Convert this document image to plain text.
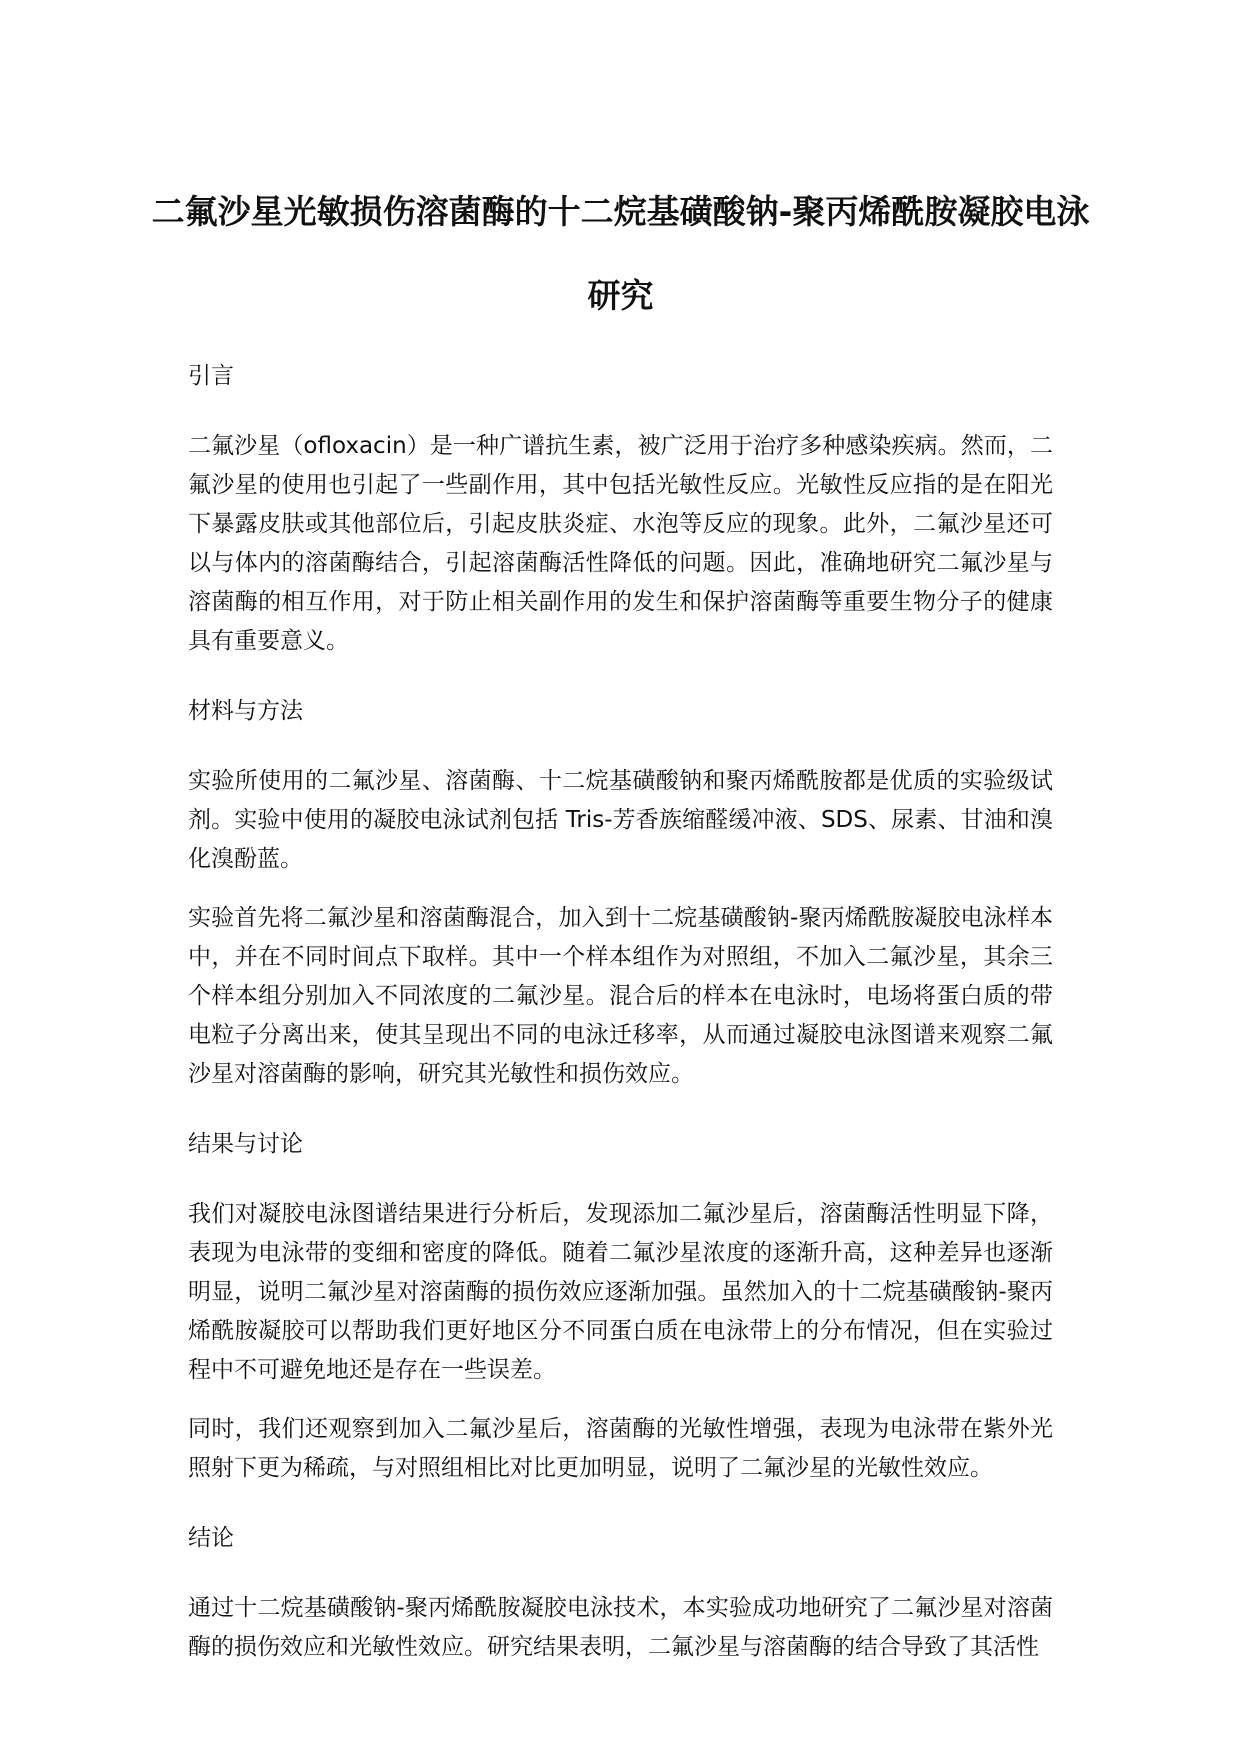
二氟沙星光敏损伤溶菌酶的十二烷基磺酸钠-聚丙烯酰胺凝胶电泳研究

引言

二氟沙星（ofloxacin）是一种广谱抗生素，被广泛用于治疗多种感染疾病。然而，二氟沙星的使用也引起了一些副作用，其中包括光敏性反应。光敏性反应指的是在阳光下暴露皮肤或其他部位后，引起皮肤炎症、水泡等反应的现象。此外，二氟沙星还可以与体内的溶菌酶结合，引起溶菌酶活性降低的问题。因此，准确地研究二氟沙星与溶菌酶的相互作用，对于防止相关副作用的发生和保护溶菌酶等重要生物分子的健康具有重要意义。

材料与方法

实验所使用的二氟沙星、溶菌酶、十二烷基磺酸钠和聚丙烯酰胺都是优质的实验级试剂。实验中使用的凝胶电泳试剂包括 Tris-芳香族缩醛缓冲液、SDS、尿素、甘油和溴化溴酚蓝。

实验首先将二氟沙星和溶菌酶混合，加入到十二烷基磺酸钠-聚丙烯酰胺凝胶电泳样本中，并在不同时间点下取样。其中一个样本组作为对照组，不加入二氟沙星，其余三个样本组分别加入不同浓度的二氟沙星。混合后的样本在电泳时，电场将蛋白质的带电粒子分离出来，使其呈现出不同的电泳迁移率，从而通过凝胶电泳图谱来观察二氟沙星对溶菌酶的影响，研究其光敏性和损伤效应。

结果与讨论

我们对凝胶电泳图谱结果进行分析后，发现添加二氟沙星后，溶菌酶活性明显下降，表现为电泳带的变细和密度的降低。随着二氟沙星浓度的逐渐升高，这种差异也逐渐明显，说明二氟沙星对溶菌酶的损伤效应逐渐加强。虽然加入的十二烷基磺酸钠-聚丙烯酰胺凝胶可以帮助我们更好地区分不同蛋白质在电泳带上的分布情况，但在实验过程中不可避免地还是存在一些误差。

同时，我们还观察到加入二氟沙星后，溶菌酶的光敏性增强，表现为电泳带在紫外光照射下更为稀疏，与对照组相比对比更加明显，说明了二氟沙星的光敏性效应。

结论

通过十二烷基磺酸钠-聚丙烯酰胺凝胶电泳技术，本实验成功地研究了二氟沙星对溶菌酶的损伤效应和光敏性效应。研究结果表明，二氟沙星与溶菌酶的结合导致了其活性
